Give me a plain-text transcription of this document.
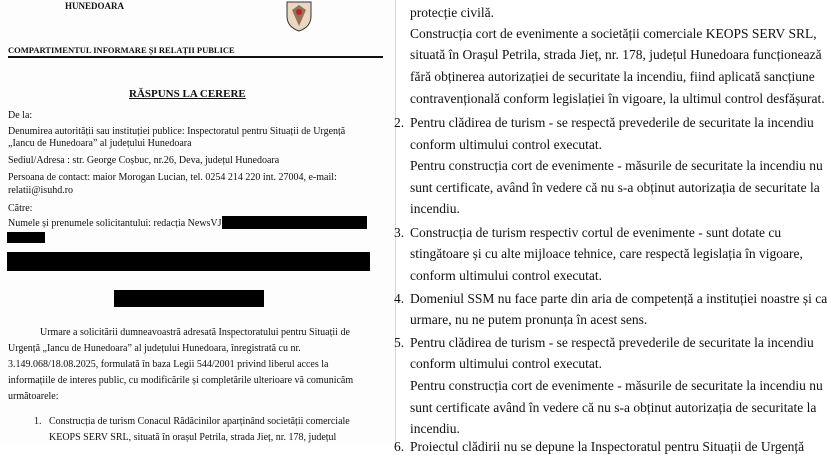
HUNEDOARA
COMPARTIMENTUL INFORMARE ȘI RELAȚII PUBLICE
RĂSPUNS LA CERERE
De la:
Denumirea autorității sau instituției publice: Inspectoratul pentru Situații de Urgență
„Iancu de Hunedoara” al județului Hunedoara
Sediul/Adresa : str. George Coșbuc, nr.26, Deva, județul Hunedoara
Persoana de contact: maior Morogan Lucian, tel. 0254 214 220 int. 27004, e-mail:
relatii@isuhd.ro
Către:
Numele și prenumele solicitantului: redacția NewsVJ
Urmare a solicitării dumneavoastră adresată Inspectoratului pentru Situații de
Urgență „Iancu de Hunedoara” al județului Hunedoara, înregistrată cu nr.
3.149.068/18.08.2025, formulată în baza Legii 544/2001 privind liberul acces la
informațiile de interes public, cu modificările și completările ulterioare vă comunicăm
următoarele:
1. Construcția de turism Conacul Rădăcinilor aparținând societății comerciale
KEOPS SERV SRL, situată în orașul Petrila, strada Jieț, nr. 178, județul
protecție civilă.
Construcția cort de evenimente a societății comerciale KEOPS SERV SRL,
situată în Orașul Petrila, strada Jieț, nr. 178, județul Hunedoara funcționează
fără obținerea autorizației de securitate la incendiu, fiind aplicată sancțiune
contravențională conform legislației în vigoare, la ultimul control desfășurat.
2. Pentru clădirea de turism - se respectă prevederile de securitate la incendiu
conform ultimului control executat.
Pentru construcția cort de evenimente - măsurile de securitate la incendiu nu
sunt certificate, având în vedere că nu s-a obținut autorizația de securitate la
incendiu.
3. Construcția de turism respectiv cortul de evenimente - sunt dotate cu
stingătoare și cu alte mijloace tehnice, care respectă legislația în vigoare,
conform ultimului control executat.
4. Domeniul SSM nu face parte din aria de competență a instituției noastre și ca
urmare, nu ne putem pronunța în acest sens.
5. Pentru clădirea de turism - se respectă prevederile de securitate la incendiu
conform ultimului control executat.
Pentru construcția cort de evenimente - măsurile de securitate la incendiu nu
sunt certificate având în vedere că nu s-a obținut autorizația de securitate la
incendiu.
6. Proiectul clădirii nu se depune la Inspectoratul pentru Situații de Urgență
